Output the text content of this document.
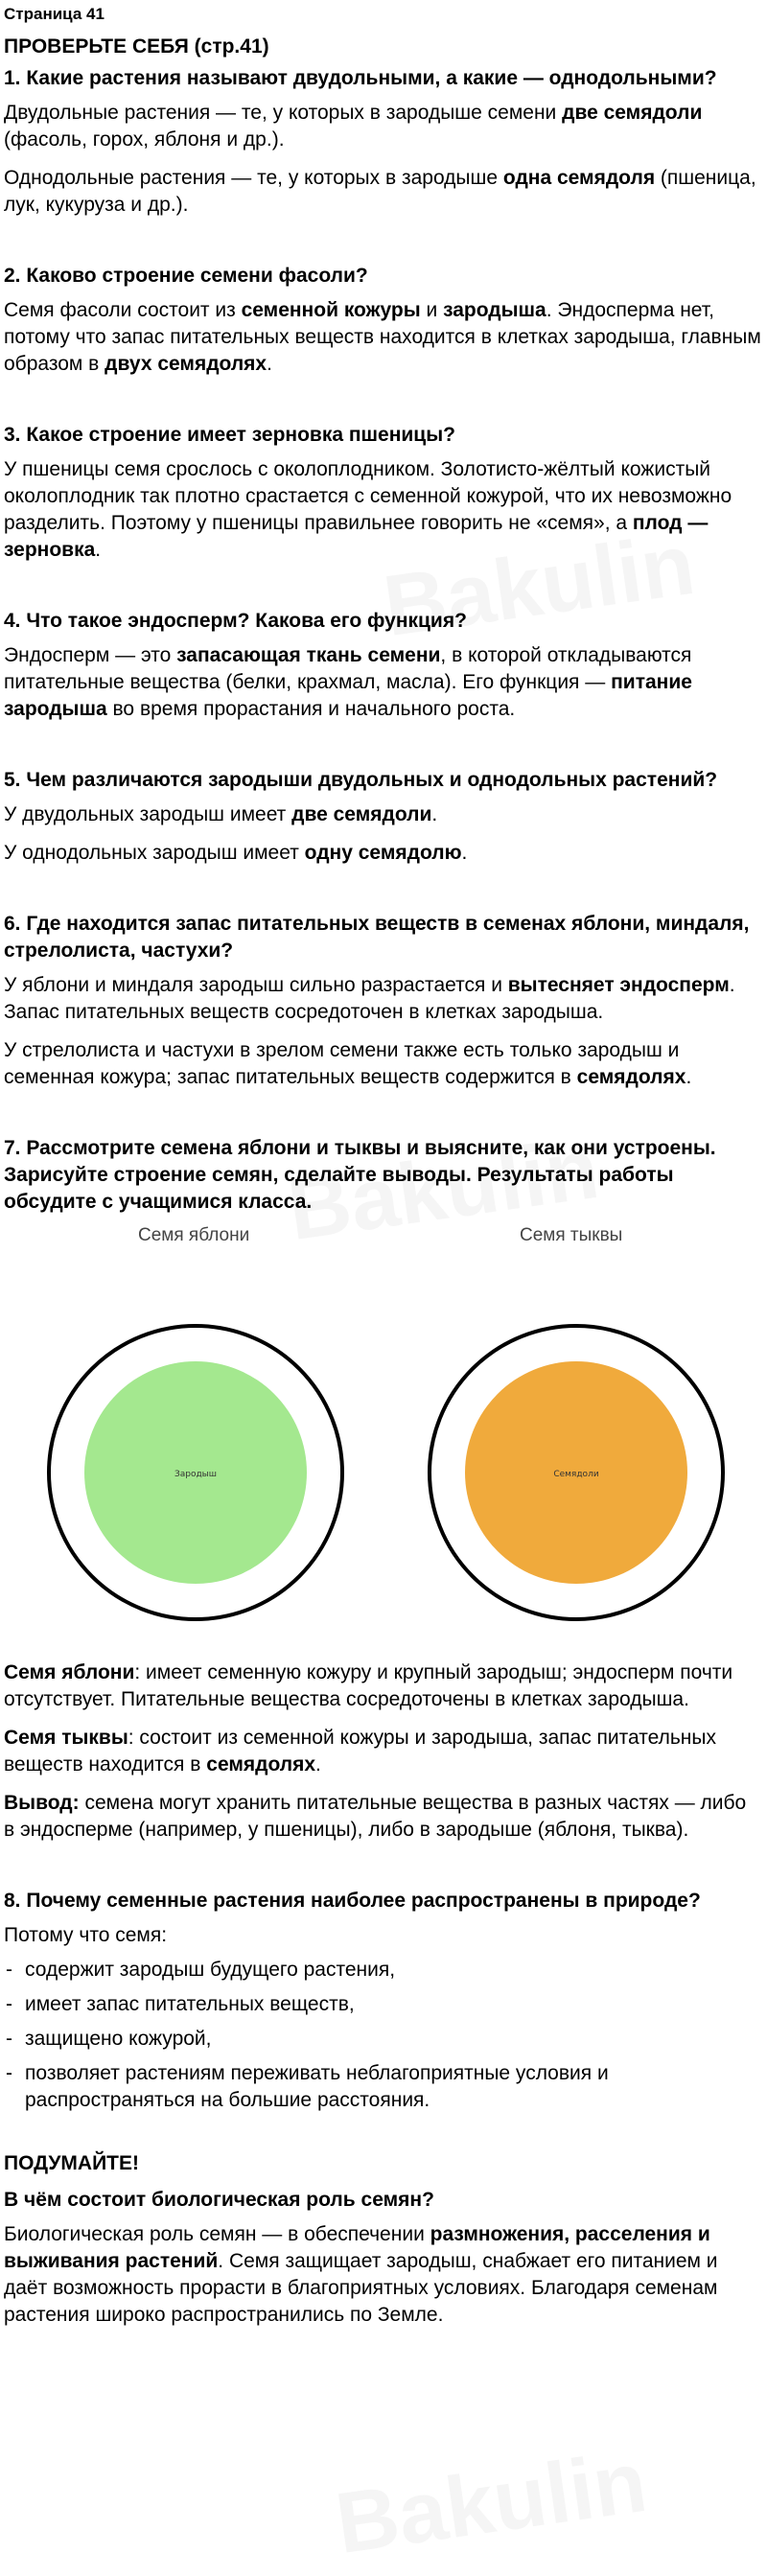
Страница 41
ПРОВЕРЬТЕ СЕБЯ (стр.41)
1. Какие растения называют двудольными, а какие — однодольными?
Двудольные растения — те, у которых в зародыше семени две семядоли (фасоль, горох, яблоня и др.).
Однодольные растения — те, у которых в зародыше одна семядоля (пшеница, лук, кукуруза и др.).
2. Каково строение семени фасоли?
Семя фасоли состоит из семенной кожуры и зародыша. Эндосперма нет, потому что запас питательных веществ находится в клетках зародыша, главным образом в двух семядолях.
3. Какое строение имеет зерновка пшеницы?
У пшеницы семя срослось с околоплодником. Золотисто-жёлтый кожистый околоплодник так плотно срастается с семенной кожурой, что их невозможно разделить. Поэтому у пшеницы правильнее говорить не «семя», а плод — зерновка.
4. Что такое эндосперм? Какова его функция?
Эндосперм — это запасающая ткань семени, в которой откладываются питательные вещества (белки, крахмал, масла). Его функция — питание зародыша во время прорастания и начального роста.
5. Чем различаются зародыши двудольных и однодольных растений?
У двудольных зародыш имеет две семядоли.
У однодольных зародыш имеет одну семядолю.
6. Где находится запас питательных веществ в семенах яблони, миндаля, стрелолиста, частухи?
У яблони и миндаля зародыш сильно разрастается и вытесняет эндосперм. Запас питательных веществ сосредоточен в клетках зародыша.
У стрелолиста и частухи в зрелом семени также есть только зародыш и семенная кожура; запас питательных веществ содержится в семядолях.
7. Рассмотрите семена яблони и тыквы и выясните, как они устроены. Зарисуйте строение семян, сделайте выводы. Результаты работы обсудите с учащимися класса.
Семя яблони	Семя тыквы
Зародыш	Семядоли
Семя яблони: имеет семенную кожуру и крупный зародыш; эндосперм почти отсутствует. Питательные вещества сосредоточены в клетках зародыша.
Семя тыквы: состоит из семенной кожуры и зародыша, запас питательных веществ находится в семядолях.
Вывод: семена могут хранить питательные вещества в разных частях — либо в эндосперме (например, у пшеницы), либо в зародыше (яблоня, тыква).
8. Почему семенные растения наиболее распространены в природе?
Потому что семя:
- содержит зародыш будущего растения,
- имеет запас питательных веществ,
- защищено кожурой,
- позволяет растениям переживать неблагоприятные условия и распространяться на большие расстояния.
ПОДУМАЙТЕ!
В чём состоит биологическая роль семян?
Биологическая роль семян — в обеспечении размножения, расселения и выживания растений. Семя защищает зародыш, снабжает его питанием и даёт возможность прорасти в благоприятных условиях. Благодаря семенам растения широко распространились по Земле.
